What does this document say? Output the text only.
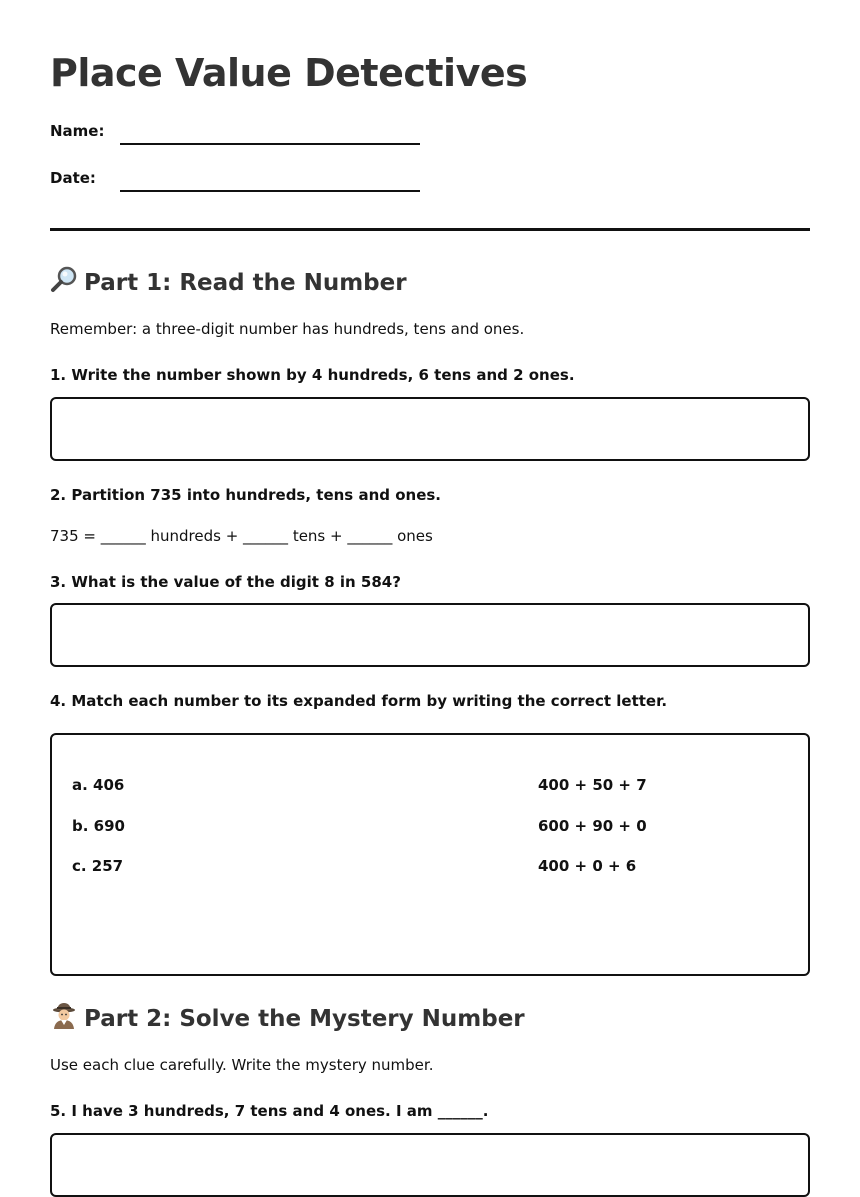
Place Value Detectives
Name:
Date:
Part 1: Read the Number
Remember: a three-digit number has hundreds, tens and ones.
1. Write the number shown by 4 hundreds, 6 tens and 2 ones.
2. Partition 735 into hundreds, tens and ones.
735 = ______ hundreds + ______ tens + ______ ones
3. What is the value of the digit 8 in 584?
4. Match each number to its expanded form by writing the correct letter.
a. 406
b. 690
c. 257
400 + 50 + 7
600 + 90 + 0
400 + 0 + 6
Part 2: Solve the Mystery Number
Use each clue carefully. Write the mystery number.
5. I have 3 hundreds, 7 tens and 4 ones. I am ______.
